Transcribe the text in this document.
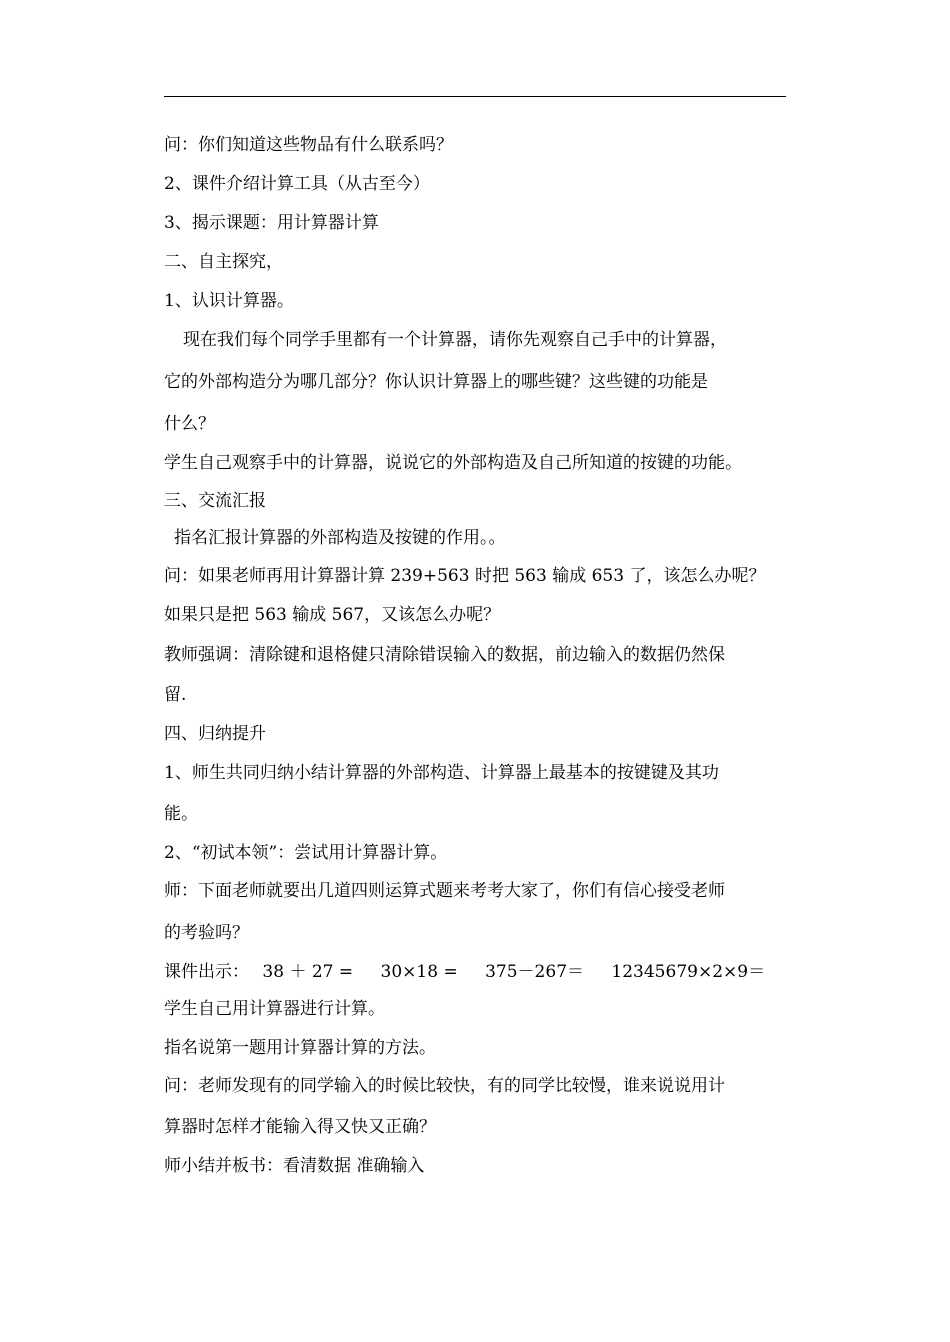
问：你们知道这些物品有什么联系吗？
2、课件介绍计算工具（从古至今）
3、揭示课题：用计算器计算
二、自主探究，
1、认识计算器。
现在我们每个同学手里都有一个计算器，请你先观察自己手中的计算器，
它的外部构造分为哪几部分？你认识计算器上的哪些键？这些键的功能是
什么？
学生自己观察手中的计算器，说说它的外部构造及自己所知道的按键的功能。
三、交流汇报
指名汇报计算器的外部构造及按键的作用。。
问：如果老师再用计算器计算 239+563 时把 563 输成 653 了，该怎么办呢？
如果只是把 563 输成 567，又该怎么办呢？
教师强调：清除键和退格健只清除错误输入的数据，前边输入的数据仍然保
留.
四、归纳提升
1、师生共同归纳小结计算器的外部构造、计算器上最基本的按键键及其功
能。
2、“初试本领”：尝试用计算器计算。
师：下面老师就要出几道四则运算式题来考考大家了，你们有信心接受老师
的考验吗？
课件出示： 38 ＋ 27 = 30×18 = 375－267＝ 12345679×2×9＝
学生自己用计算器进行计算。
指名说第一题用计算器计算的方法。
问：老师发现有的同学输入的时候比较快，有的同学比较慢，谁来说说用计
算器时怎样才能输入得又快又正确？
师小结并板书：看清数据 准确输入
